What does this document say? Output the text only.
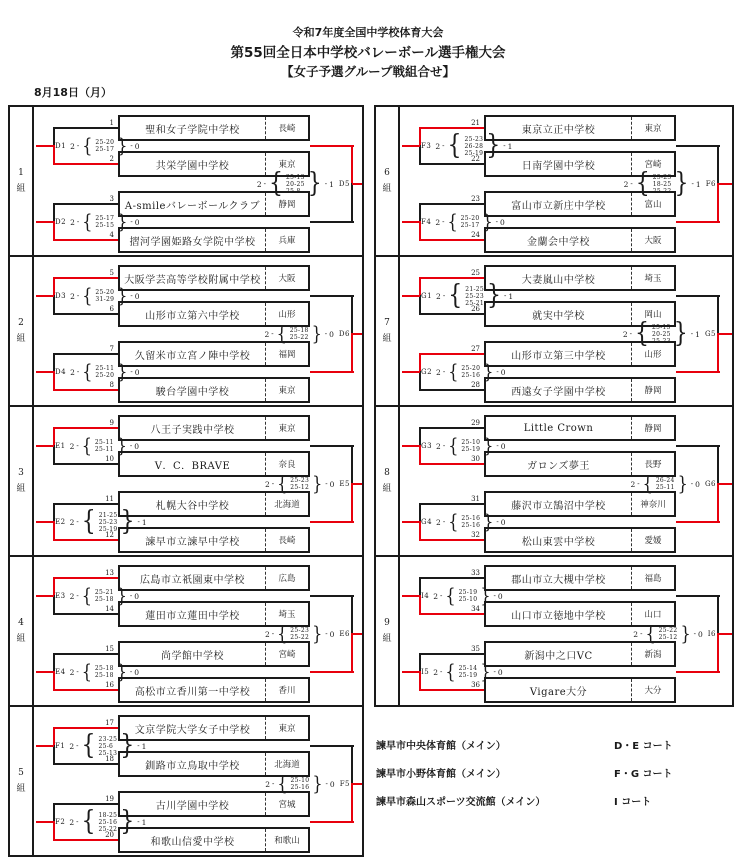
令和7年度全国中学校体育大会
第55回全日本中学校バレーボール選手権大会
【女子予選グループ戦組合せ】
8月18日（月）
1
組
1
聖和女子学院中学校	長崎
2
共栄学園中学校	東京
3
A-smileバレーボールクラブ	静岡
4
摺河学園姫路女学院中学校	兵庫
D1 2 - { 25-20
25-17 } - 0
D2 2 - { 25-17
25-15 } - 0
2 - { 25-13
20-25
25-8 } - 1 D5
2
組
5
大阪学芸高等学校附属中学校	大阪
6
山形市立第六中学校	山形
7
久留米市立宮ノ陣中学校	福岡
8
駿台学園中学校	東京
D3 2 - { 25-20
31-29 } - 0
D4 2 - { 25-11
25-20 } - 0
2 - { 25-18
25-22 } - 0 D6
3
組
9
八王子実践中学校	東京
10
V．C．BRAVE	奈良
11
札幌大谷中学校	北海道
12
諫早市立諫早中学校	長崎
E1 2 - { 25-11
25-11 } - 0
E2 2 - { 21-25
25-23
25-19 } - 1
2 - { 25-23
25-12 } - 0 E5
4
組
13
広島市立祇園東中学校	広島
14
蓮田市立蓮田中学校	埼玉
15
尚学館中学校	宮崎
16
高松市立香川第一中学校	香川
E3 2 - { 25-21
25-18 } - 0
E4 2 - { 25-18
25-18 } - 0
2 - { 25-23
25-22 } - 0 E6
5
組
17
文京学院大学女子中学校	東京
18
釧路市立鳥取中学校	北海道
19
古川学園中学校	宮城
20
和歌山信愛中学校	和歌山
F1 2 - { 23-25
25-6
25-13 } - 1
F2 2 - { 18-25
25-16
25-22 } - 1
2 - { 25-10
25-16 } - 0 F5
6
組
21
東京立正中学校	東京
22
日南学園中学校	宮崎
23
富山市立新庄中学校	富山
24
金蘭会中学校	大阪
F3 2 - { 25-23
26-28
25-19 } - 1
F4 2 - { 25-20
25-17 } - 0
2 - { 25-23
18-25
25-22 } - 1 F6
7
組
25
大妻嵐山中学校	埼玉
26
就実中学校	岡山
27
山形市立第三中学校	山形
28
西遠女子学園中学校	静岡
G1 2 - { 21-25
25-23
25-21 } - 1
G2 2 - { 25-20
25-16 } - 0
2 - { 25-15
20-25
25-23 } - 1 G5
8
組
29	Little Crown	静岡
30
ガロンズ夢王	長野
31
藤沢市立鵠沼中学校	神奈川
32
松山東雲中学校	愛媛
G3 2 - { 25-10
25-19 } - 0
G4 2 - { 25-16
25-16 } - 0
2 - { 26-24
25-11 } - 0 G6
9
組
33
郡山市立大槻中学校	福島
34
山口市立徳地中学校	山口
35
新潟中之口VC	新潟
36
Vigare大分	大分
I4 2 - { 25-19
25-10 } - 0
I5 2 - { 25-14
25-19 } - 0
2 - { 25-22
25-12 } - 0 I6
諫早市中央体育館（メイン）	D・E コート
諫早市小野体育館（メイン）	F・G コート
諫早市森山スポーツ交流館（メイン）	I コート
